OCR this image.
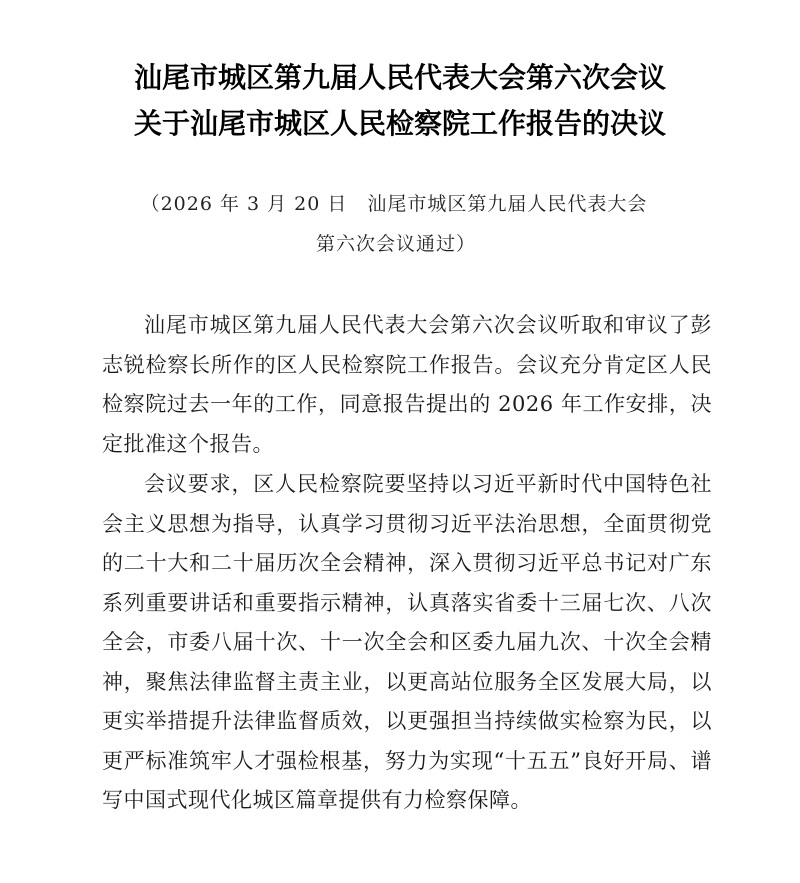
汕尾市城区第九届人民代表大会第六次会议
关于汕尾市城区人民检察院工作报告的决议
（2026 年 3 月 20 日　汕尾市城区第九届人民代表大会
第六次会议通过）
汕尾市城区第九届人民代表大会第六次会议听取和审议了彭志锐检察长所作的区人民检察院工作报告。会议充分肯定区人民检察院过去一年的工作，同意报告提出的 2026 年工作安排，决定批准这个报告。
会议要求，区人民检察院要坚持以习近平新时代中国特色社会主义思想为指导，认真学习贯彻习近平法治思想，全面贯彻党的二十大和二十届历次全会精神，深入贯彻习近平总书记对广东系列重要讲话和重要指示精神，认真落实省委十三届七次、八次全会，市委八届十次、十一次全会和区委九届九次、十次全会精神，聚焦法律监督主责主业，以更高站位服务全区发展大局，以更实举措提升法律监督质效，以更强担当持续做实检察为民，以更严标准筑牢人才强检根基，努力为实现“十五五”良好开局、谱写中国式现代化城区篇章提供有力检察保障。
